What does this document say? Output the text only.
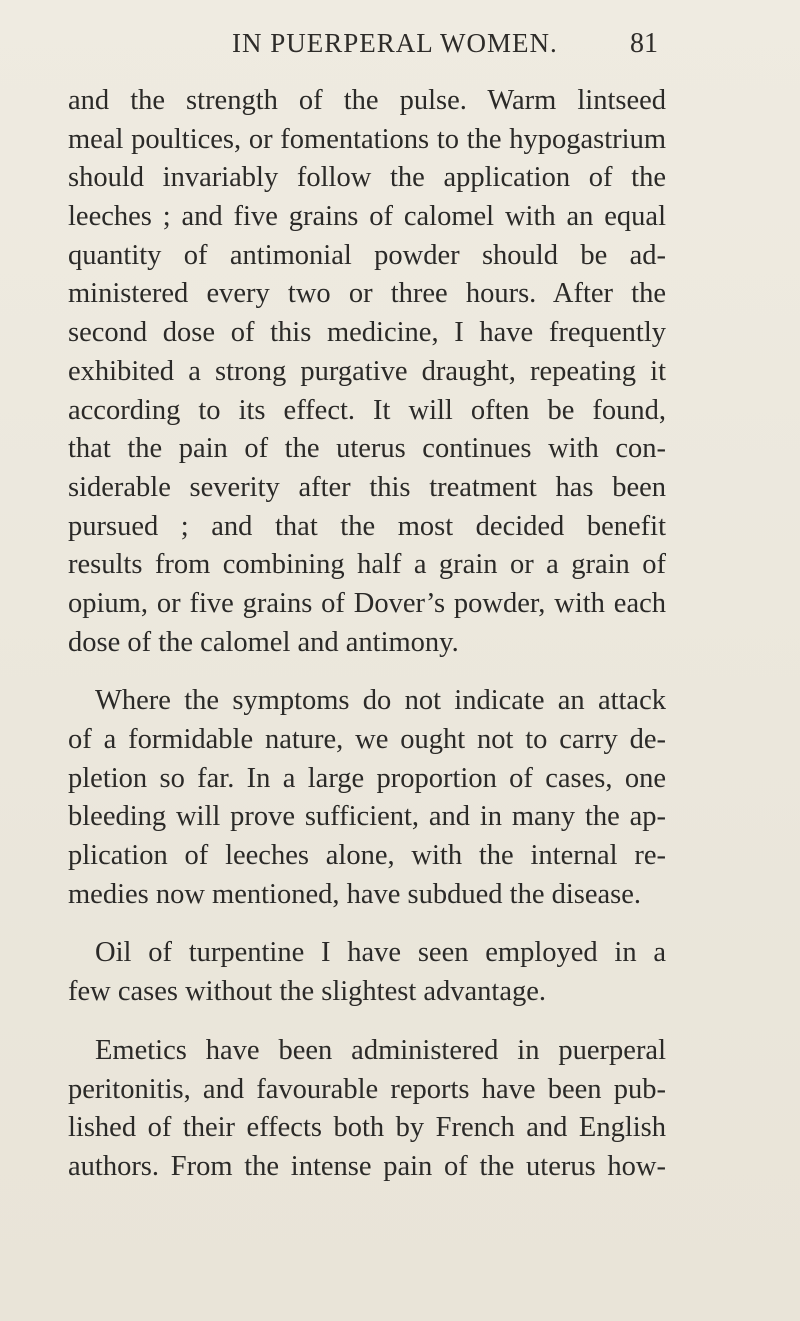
IN PUERPERAL WOMEN.	81
and the strength of the pulse. Warm lintseed
meal poultices, or fomentations to the hypogastrium
should invariably follow the application of the
leeches ; and five grains of calomel with an equal
quantity of antimonial powder should be ad-
ministered every two or three hours. After the
second dose of this medicine, I have frequently
exhibited a strong purgative draught, repeating it
according to its effect. It will often be found,
that the pain of the uterus continues with con-
siderable severity after this treatment has been
pursued ; and that the most decided benefit
results from combining half a grain or a grain of
opium, or five grains of Dover’s powder, with each
dose of the calomel and antimony.
Where the symptoms do not indicate an attack
of a formidable nature, we ought not to carry de-
pletion so far. In a large proportion of cases, one
bleeding will prove sufficient, and in many the ap-
plication of leeches alone, with the internal re-
medies now mentioned, have subdued the disease.
Oil of turpentine I have seen employed in a
few cases without the slightest advantage.
Emetics have been administered in puerperal
peritonitis, and favourable reports have been pub-
lished of their effects both by French and English
authors. From the intense pain of the uterus how-
